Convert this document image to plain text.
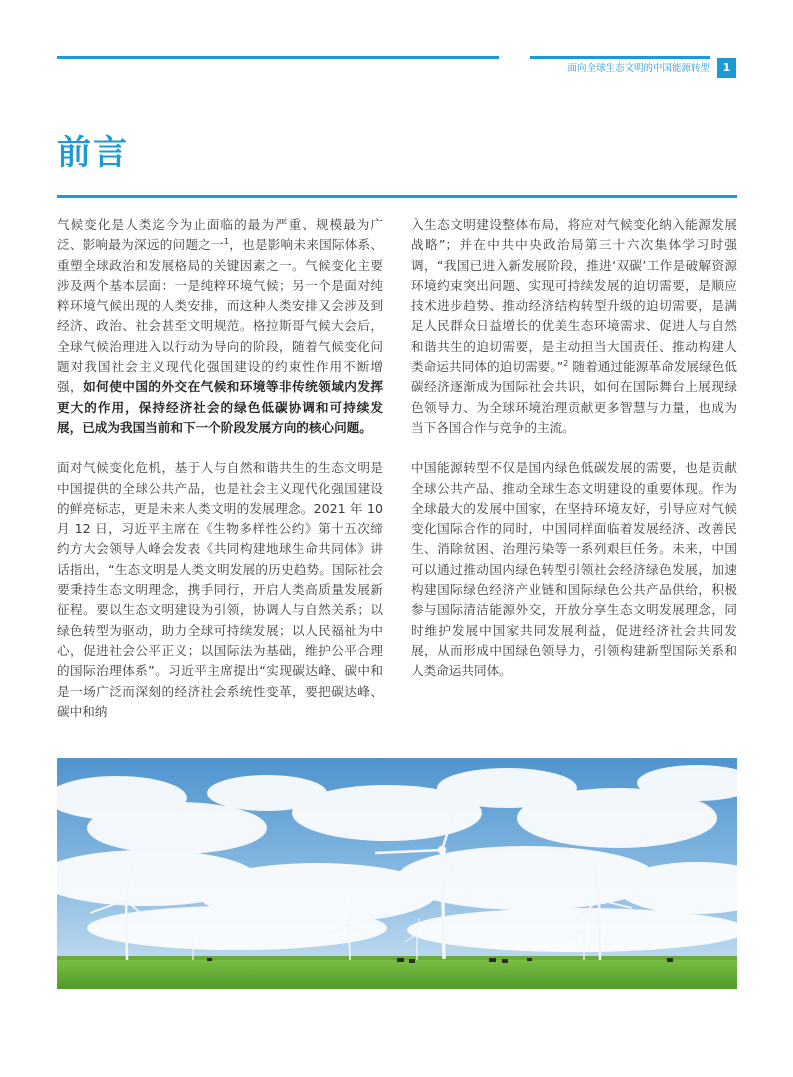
面向全球生态文明的中国能源转型	1
前言

气候变化是人类迄今为止面临的最为严重、规模最为广泛、影响最为深远的问题之一$^1$，也是影响未来国际体系、重塑全球政治和发展格局的关键因素之一。气候变化主要涉及两个基本层面：一是纯粹环境气候；另一个是面对纯粹环境气候出现的人类安排，而这种人类安排又会涉及到经济、政治、社会甚至文明规范。格拉斯哥气候大会后，全球气候治理进入以行动为导向的阶段，随着气候变化问题对我国社会主义现代化强国建设的约束性作用不断增强，如何使中国的外交在气候和环境等非传统领域内发挥更大的作用，保持经济社会的绿色低碳协调和可持续发展，已成为我国当前和下一个阶段发展方向的核心问题。

面对气候变化危机，基于人与自然和谐共生的生态文明是中国提供的全球公共产品，也是社会主义现代化强国建设的鲜亮标志，更是未来人类文明的发展理念。2021 年 10 月 12 日，习近平主席在《生物多样性公约》第十五次缔约方大会领导人峰会发表《共同构建地球生命共同体》讲话指出，“生态文明是人类文明发展的历史趋势。国际社会要秉持生态文明理念，携手同行，开启人类高质量发展新征程。要以生态文明建设为引领，协调人与自然关系；以绿色转型为驱动，助力全球可持续发展；以人民福祉为中心，促进社会公平正义；以国际法为基础，维护公平合理的国际治理体系”。习近平主席提出“实现碳达峰、碳中和是一场广泛而深刻的经济社会系统性变革，要把碳达峰、碳中和纳

入生态文明建设整体布局，将应对气候变化纳入能源发展战略”；并在中共中央政治局第三十六次集体学习时强调，“我国已进入新发展阶段，推进‘双碳’工作是破解资源环境约束突出问题、实现可持续发展的迫切需要，是顺应技术进步趋势、推动经济结构转型升级的迫切需要，是满足人民群众日益增长的优美生态环境需求、促进人与自然和谐共生的迫切需要，是主动担当大国责任、推动构建人类命运共同体的迫切需要。”$^2$ 随着通过能源革命发展绿色低碳经济逐渐成为国际社会共识，如何在国际舞台上展现绿色领导力、为全球环境治理贡献更多智慧与力量，也成为当下各国合作与竞争的主流。

中国能源转型不仅是国内绿色低碳发展的需要，也是贡献全球公共产品、推动全球生态文明建设的重要体现。作为全球最大的发展中国家，在坚持环境友好，引导应对气候变化国际合作的同时，中国同样面临着发展经济、改善民生、消除贫困、治理污染等一系列艰巨任务。未来，中国可以通过推动国内绿色转型引领社会经济绿色发展，加速构建国际绿色经济产业链和国际绿色公共产品供给，积极参与国际清洁能源外交，开放分享生态文明发展理念，同时维护发展中国家共同发展利益，促进经济社会共同发展，从而形成中国绿色领导力，引领构建新型国际关系和人类命运共同体。
